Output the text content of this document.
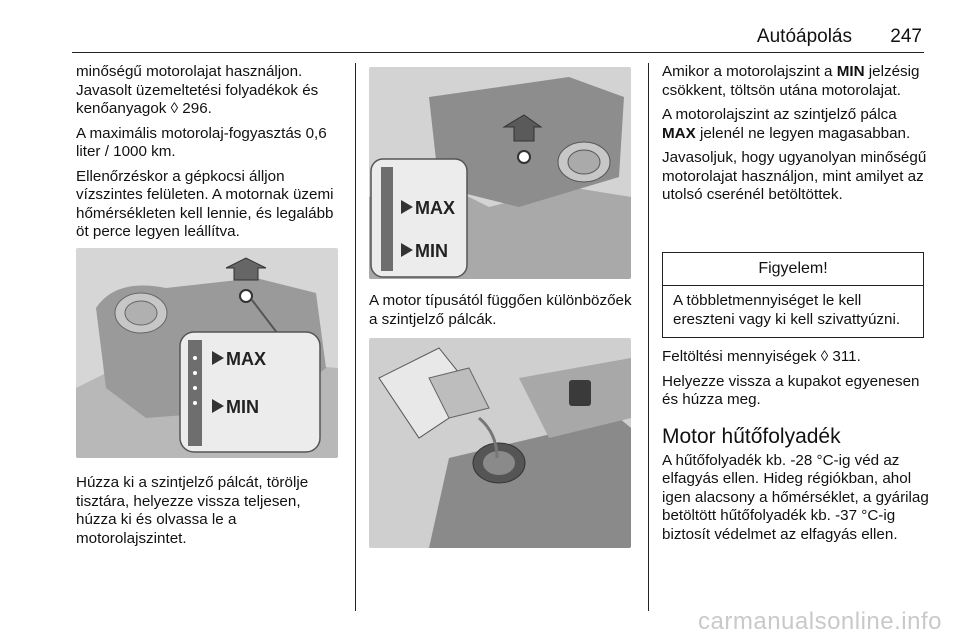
Autóápolás 247

minőségű motorolajat használjon. Javasolt üzemeltetési folyadékok és kenőanyagok ◊ 296.

A maximális motorolaj-fogyasztás 0,6 liter / 1000 km.

Ellenőrzéskor a gépkocsi álljon vízszintes felületen. A motornak üzemi hőmérsékleten kell lennie, és legalább öt perce legyen leállítva.

MAX
MIN

Húzza ki a szintjelző pálcát, törölje tisztára, helyezze vissza teljesen, húzza ki és olvassa le a motorolajszintet.

MAX
MIN

A motor típusától függően különbözőek a szintjelző pálcák.

Amikor a motorolajszint a MIN jelzésig csökkent, töltsön utána motorolajat.

A motorolajszint az szintjelző pálca MAX jelenél ne legyen magasabban.

Javasoljuk, hogy ugyanolyan minőségű motorolajat használjon, mint amilyet az utolsó cserénél betöltöttek.

Figyelem!
A többletmennyiséget le kell ereszteni vagy ki kell szivattyúzni.

Feltöltési mennyiségek ◊ 311.

Helyezze vissza a kupakot egyenesen és húzza meg.

Motor hűtőfolyadék

A hűtőfolyadék kb. -28 °C-ig véd az elfagyás ellen. Hideg régiókban, ahol igen alacsony a hőmérséklet, a gyárilag betöltött hűtőfolyadék kb. -37 °C-ig biztosít védelmet az elfagyás ellen.

carmanualsonline.info
